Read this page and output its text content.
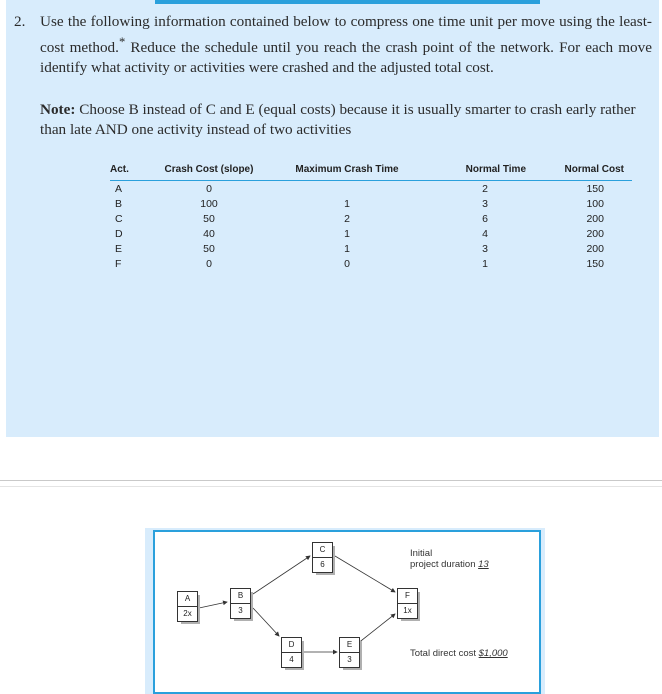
2. Use the following information contained below to compress one time unit per move using the least-cost method.* Reduce the schedule until you reach the crash point of the network. For each move identify what activity or activities were crashed and the adjusted total cost.
Note: Choose B instead of C and E (equal costs) because it is usually smarter to crash early rather than late AND one activity instead of two activities
Act.	Crash Cost (slope)	Maximum Crash Time	Normal Time	Normal Cost
A	0		2	150
B	100	1	3	100
C	50	2	6	200
D	40	1	4	200
E	50	1	3	200
F	0	0	1	150
A
2x
B
3
C
6
D
4
E
3
F
1x
Initial
project duration 13
Total direct cost $1,000
